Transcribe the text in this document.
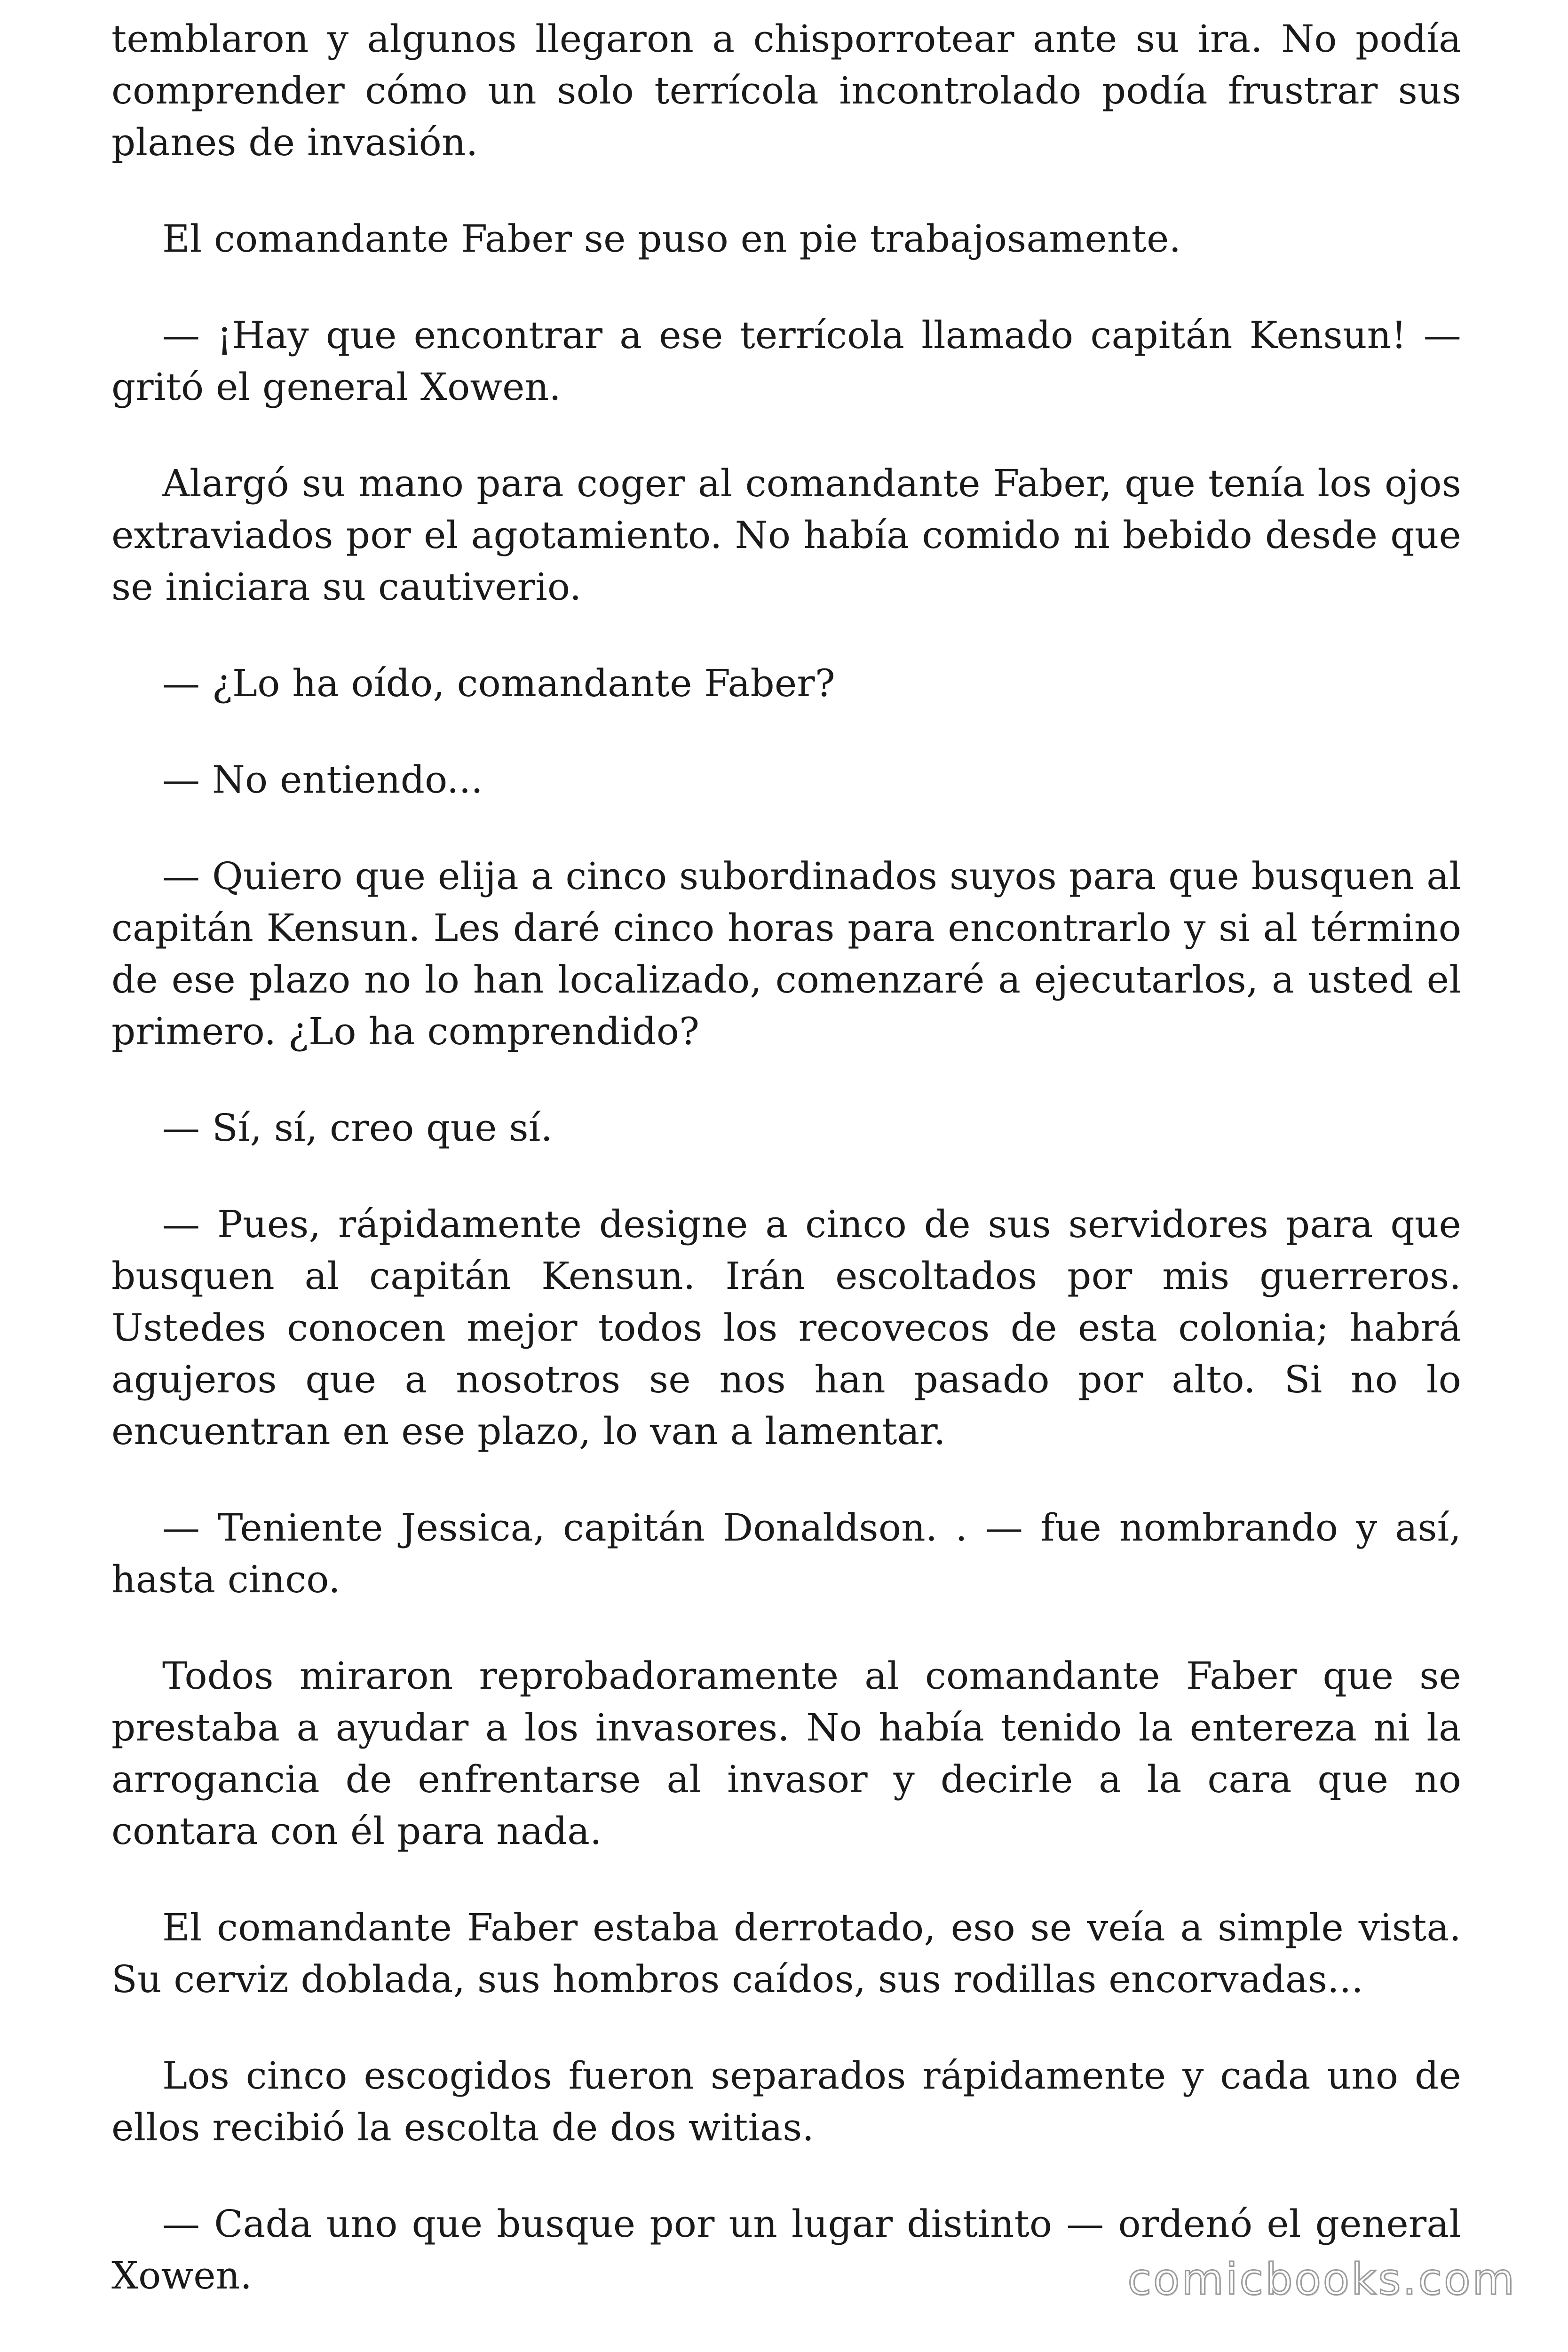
temblaron y algunos llegaron a chisporrotear ante su ira. No podía comprender cómo un solo terrícola incontrolado podía frustrar sus planes de invasión.

El comandante Faber se puso en pie trabajosamente.

— ¡Hay que encontrar a ese terrícola llamado capitán Kensun! — gritó el general Xowen.

Alargó su mano para coger al comandante Faber, que tenía los ojos extraviados por el agotamiento. No había comido ni bebido desde que se iniciara su cautiverio.

— ¿Lo ha oído, comandante Faber?

— No entiendo...

— Quiero que elija a cinco subordinados suyos para que busquen al capitán Kensun. Les daré cinco horas para encontrarlo y si al término de ese plazo no lo han localizado, comenzaré a ejecutarlos, a usted el primero. ¿Lo ha comprendido?

— Sí, sí, creo que sí.

— Pues, rápidamente designe a cinco de sus servidores para que busquen al capitán Kensun. Irán escoltados por mis guerreros. Ustedes conocen mejor todos los recovecos de esta colonia; habrá agujeros que a nosotros se nos han pasado por alto. Si no lo encuentran en ese plazo, lo van a lamentar.

— Teniente Jessica, capitán Donaldson. . — fue nombrando y así, hasta cinco.

Todos miraron reprobadoramente al comandante Faber que se prestaba a ayudar a los invasores. No había tenido la entereza ni la arrogancia de enfrentarse al invasor y decirle a la cara que no contara con él para nada.

El comandante Faber estaba derrotado, eso se veía a simple vista. Su cerviz doblada, sus hombros caídos, sus rodillas encorvadas...

Los cinco escogidos fueron separados rápidamente y cada uno de ellos recibió la escolta de dos witias.

— Cada uno que busque por un lugar distinto — ordenó el general Xowen.	comicbooks.com
